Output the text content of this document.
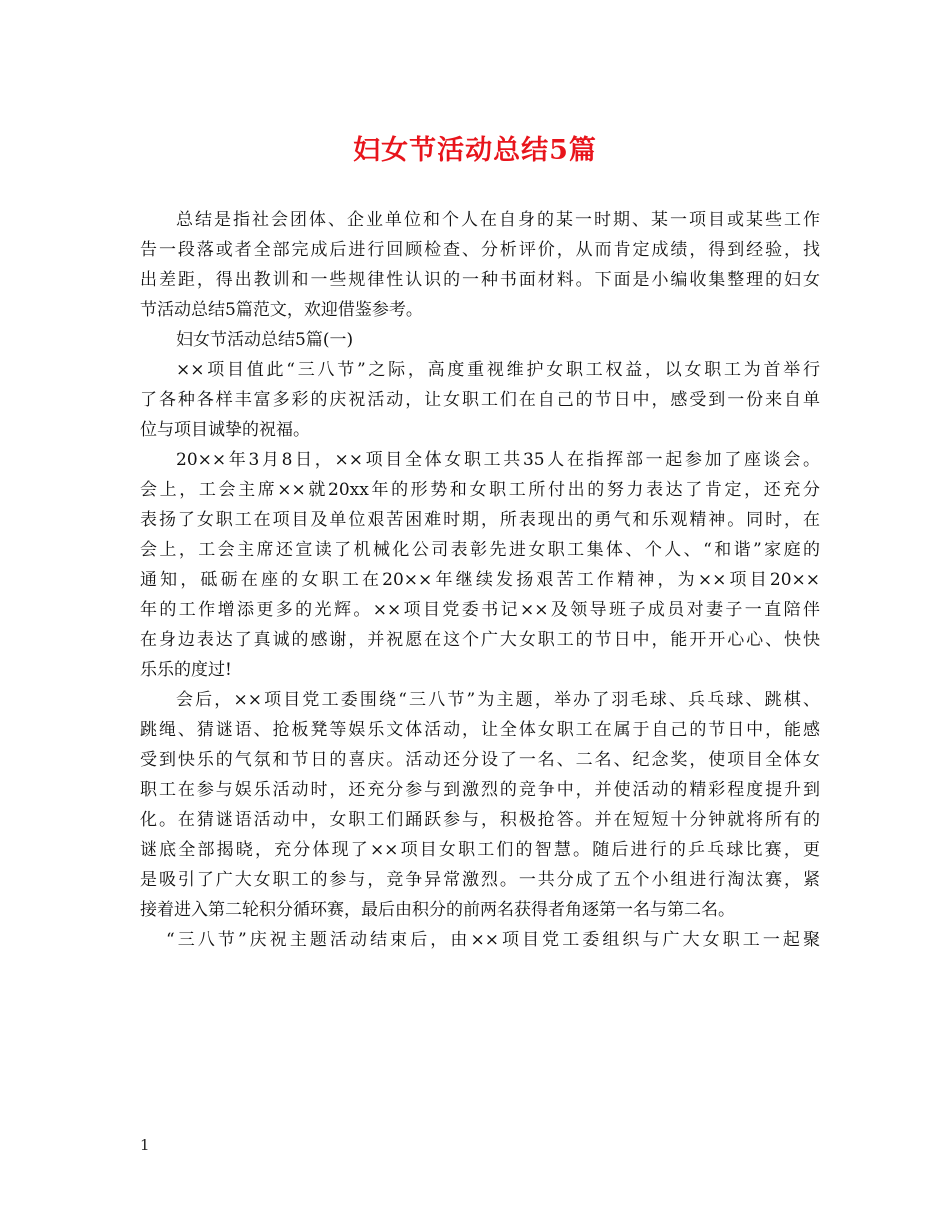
妇女节活动总结5篇
总结是指社会团体、企业单位和个人在自身的某一时期、某一项目或某些工作
告一段落或者全部完成后进行回顾检查、分析评价，从而肯定成绩，得到经验，找
出差距，得出教训和一些规律性认识的一种书面材料。下面是小编收集整理的妇女
节活动总结5篇范文，欢迎借鉴参考。
妇女节活动总结5篇(一)
××项目值此“三八节”之际，高度重视维护女职工权益，以女职工为首举行
了各种各样丰富多彩的庆祝活动，让女职工们在自己的节日中，感受到一份来自单
位与项目诚挚的祝福。
20××年3月8日，××项目全体女职工共35人在指挥部一起参加了座谈会。
会上，工会主席××就20xx年的形势和女职工所付出的努力表达了肯定，还充分
表扬了女职工在项目及单位艰苦困难时期，所表现出的勇气和乐观精神。同时，在
会上，工会主席还宣读了机械化公司表彰先进女职工集体、个人、“和谐”家庭的
通知，砥砺在座的女职工在20××年继续发扬艰苦工作精神，为××项目20××
年的工作增添更多的光辉。××项目党委书记××及领导班子成员对妻子一直陪伴
在身边表达了真诚的感谢，并祝愿在这个广大女职工的节日中，能开开心心、快快
乐乐的度过!
会后，××项目党工委围绕“三八节”为主题，举办了羽毛球、兵乓球、跳棋、
跳绳、猜谜语、抢板凳等娱乐文体活动，让全体女职工在属于自己的节日中，能感
受到快乐的气氛和节日的喜庆。活动还分设了一名、二名、纪念奖，使项目全体女
职工在参与娱乐活动时，还充分参与到激烈的竞争中，并使活动的精彩程度提升到
化。在猜谜语活动中，女职工们踊跃参与，积极抢答。并在短短十分钟就将所有的
谜底全部揭晓，充分体现了××项目女职工们的智慧。随后进行的乒乓球比赛，更
是吸引了广大女职工的参与，竞争异常激烈。一共分成了五个小组进行淘汰赛，紧
接着进入第二轮积分循环赛，最后由积分的前两名获得者角逐第一名与第二名。
“三八节”庆祝主题活动结束后，由××项目党工委组织与广大女职工一起聚
1
